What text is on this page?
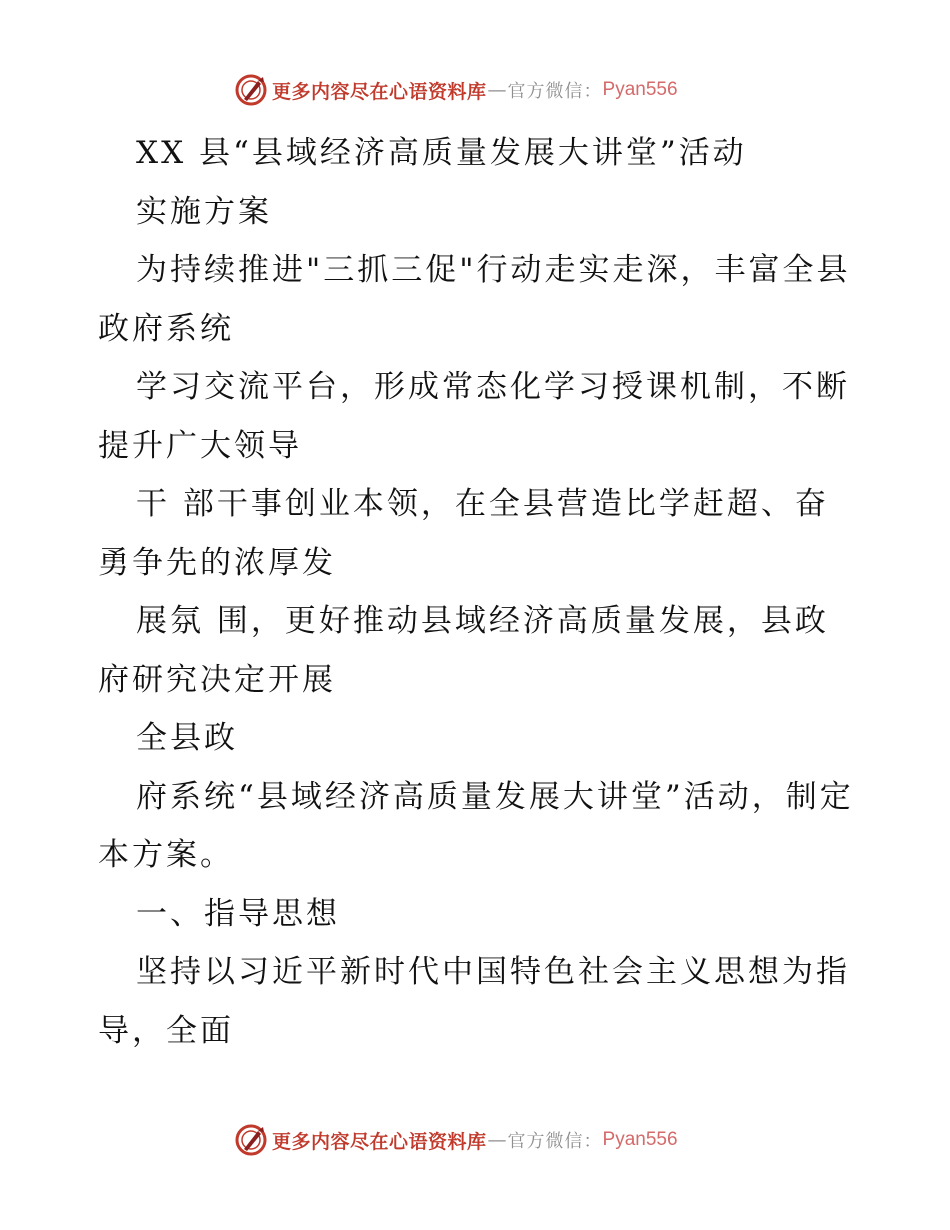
更多内容尽在心语资料库 — 官方微信： Pyan556

XX 县“县域经济高质量发展大讲堂”活动

实施方案

为持续推进"三抓三促"行动走实走深，丰富全县政府系统

学习交流平台，形成常态化学习授课机制，不断提升广大领导

干 部干事创业本领，在全县营造比学赶超、奋勇争先的浓厚发

展氛 围，更好推动县域经济高质量发展，县政府研究决定开展

全县政

府系统“县域经济高质量发展大讲堂”活动，制定本方案。

一、指导思想

坚持以习近平新时代中国特色社会主义思想为指导，全面

更多内容尽在心语资料库 — 官方微信： Pyan556
